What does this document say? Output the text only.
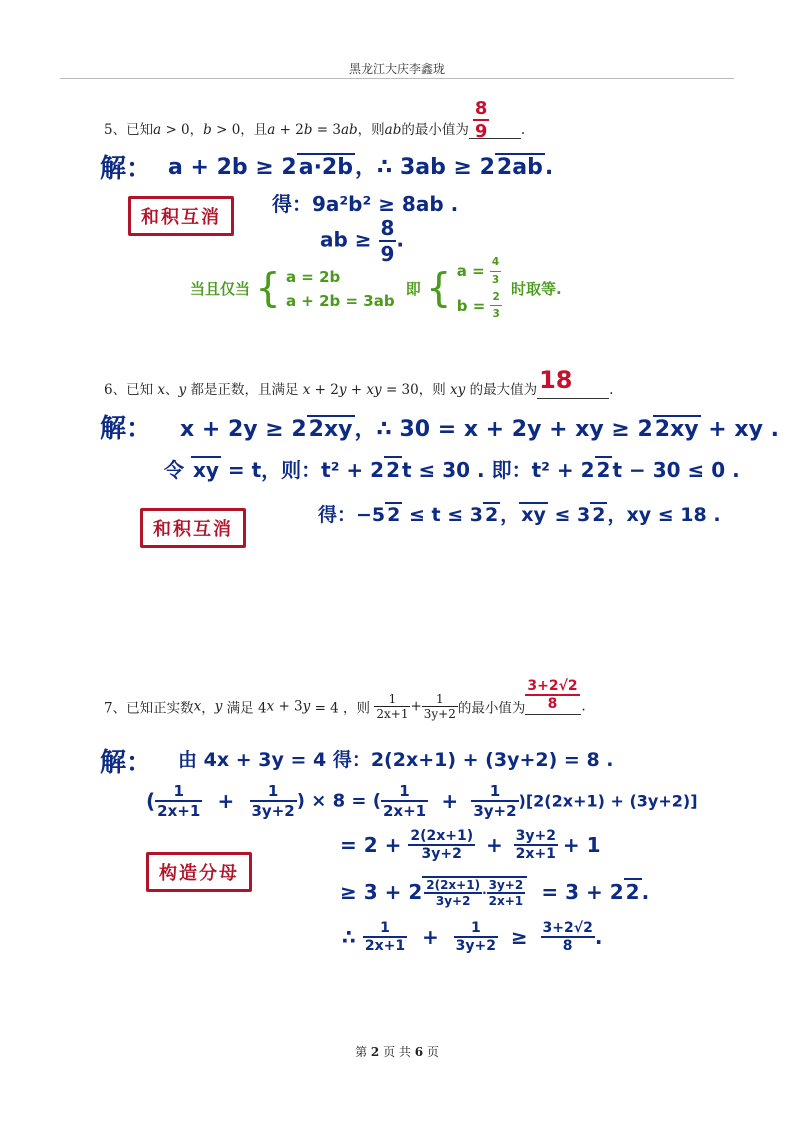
黑龙江大庆李鑫珑
5、已知a > 0，b > 0，且a + 2b = 3ab，则ab的最小值为 $\frac{8}{9}$ .
解： a + 2b ≥ 2a·2b，∴ 3ab ≥ 22ab.
得：9a²b² ≥ 8ab .
ab ≥ $\frac{8}{9}$ .
和积互消
当且仅当 { a = 2b
a + 2b = 3ab
即 { $a = \frac{4}{3}$
$b = \frac{2}{3}$ 时取等.
6、已知 x、y 都是正数，且满足 x + 2y + xy = 30，则 xy 的最大值为 18	.
解： x + 2y ≥ 22xy，∴ 30 = x + 2y + xy ≥ 22xy + xy .
令 xy = t，则：t² + 2 2 t ≤ 30 . 即：t² + 2 2 t − 30 ≤ 0 .
得：−5 2 ≤ t ≤ 3 2 ， xy ≤ 3 2 ，xy ≤ 18 .
和积互消
7、已知正实数x，y 满足 4x + 3y = 4 ，则 $\frac{1}{2x+1} + \frac{1}{3y+2}$ 的最小值为 $\frac{3+2√2}{8}$ .
解： 由 4x + 3y = 4 得：2(2x+1) + (3y+2) = 8 .
( $\frac{1}{2x+1} + \frac{1}{3y+2}$ ) × 8 = ( $\frac{1}{2x+1} + \frac{1}{3y+2} )[2(2x+1) + (3y+2)]$
= $2 + \frac{2(2x+1)}{3y+2} + \frac{3y+2}{2x+1} + 1$
≥ $3 + 2 \frac{2(2x+1)}{3y+2} \cdot \frac{3y+2}{2x+1} = 3 + 2$ 2 .
∴ $\frac{1}{2x+1} + \frac{1}{3y+2} \ge \frac{3+2√2}{8}$ .
构造分母
第 2 页 共 6 页
